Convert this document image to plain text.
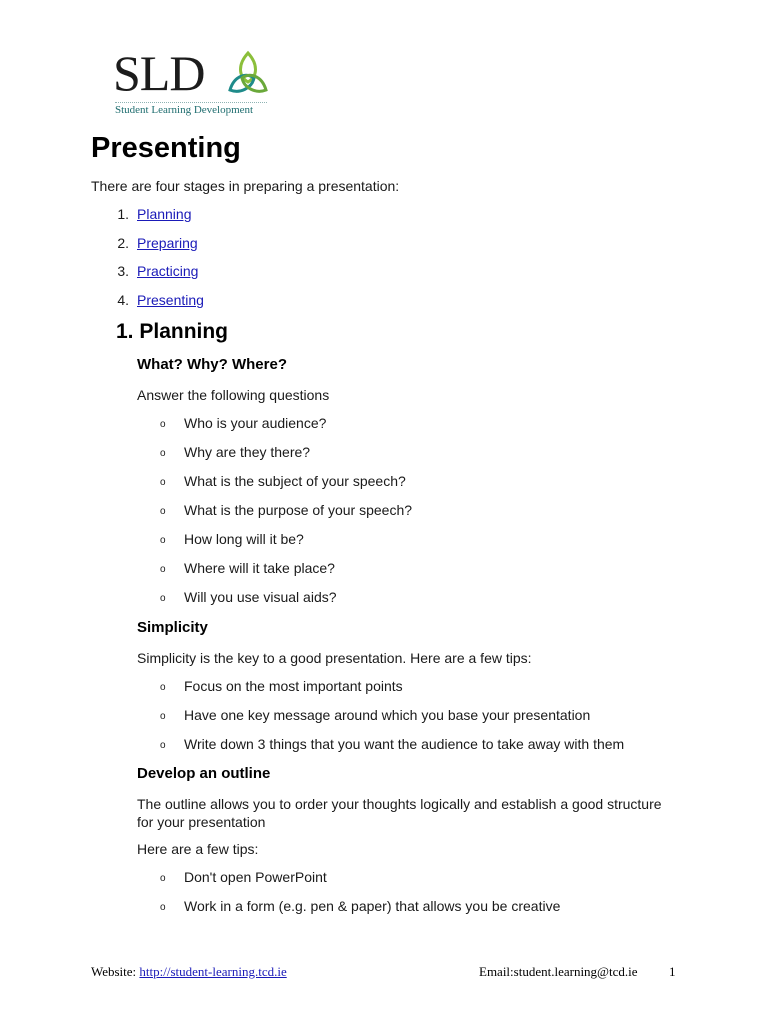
SLD
Student Learning Development
Presenting
There are four stages in preparing a presentation:
1. Planning
2. Preparing
3. Practicing
4. Presenting
1. Planning
What? Why? Where?
Answer the following questions
o Who is your audience?
o Why are they there?
o What is the subject of your speech?
o What is the purpose of your speech?
o How long will it be?
o Where will it take place?
o Will you use visual aids?
Simplicity
Simplicity is the key to a good presentation. Here are a few tips:
o Focus on the most important points
o Have one key message around which you base your presentation
o Write down 3 things that you want the audience to take away with them
Develop an outline
The outline allows you to order your thoughts logically and establish a good structure for your presentation
Here are a few tips:
o Don't open PowerPoint
o Work in a form (e.g. pen & paper) that allows you be creative
Website: http://student-learning.tcd.ie	Email:student.learning@tcd.ie 1
